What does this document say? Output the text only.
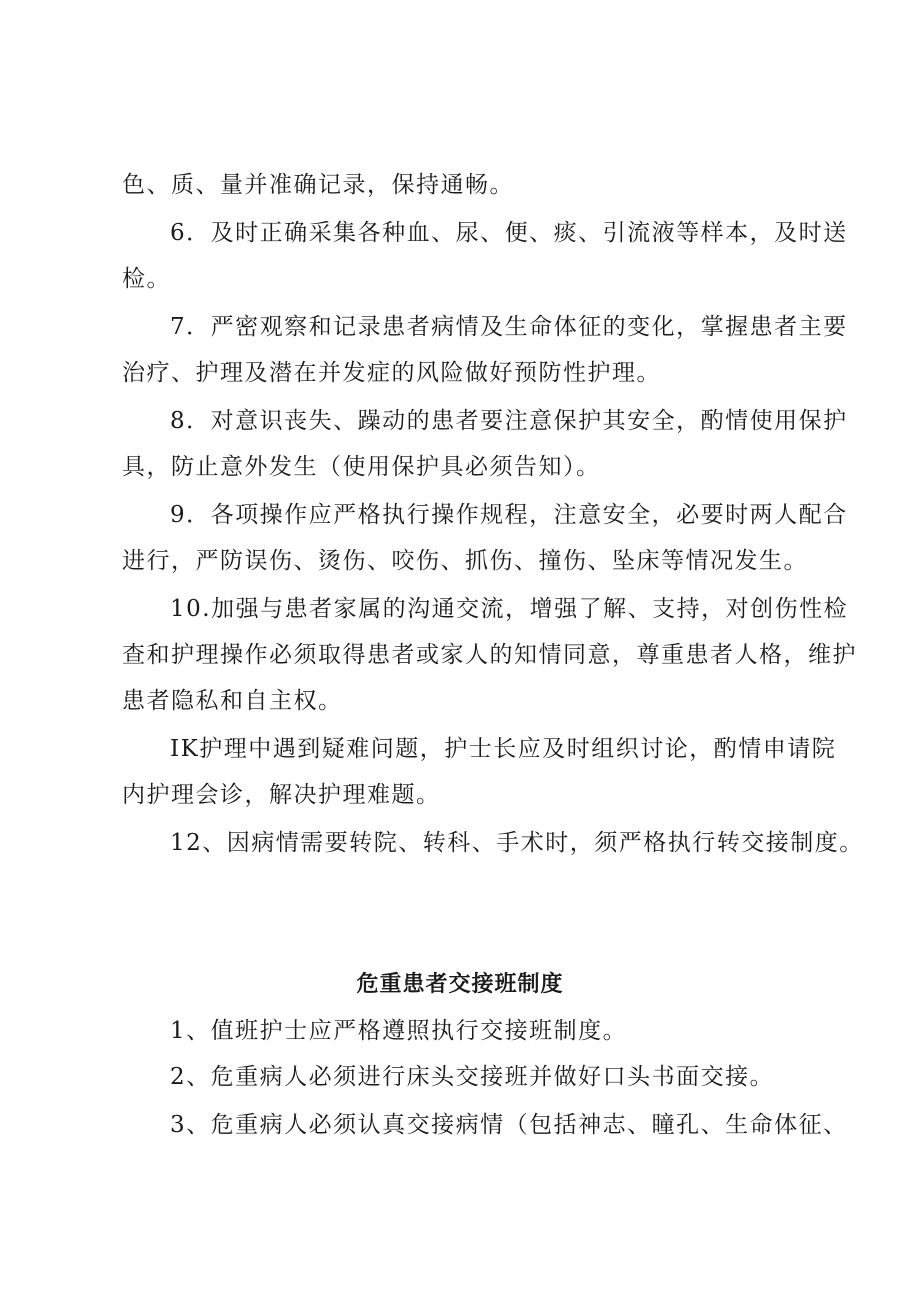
色、质、量并准确记录，保持通畅。
6．及时正确采集各种血、尿、便、痰、引流液等样本，及时送
检。
7．严密观察和记录患者病情及生命体征的变化，掌握患者主要
治疗、护理及潜在并发症的风险做好预防性护理。
8．对意识丧失、躁动的患者要注意保护其安全，酌情使用保护
具，防止意外发生（使用保护具必须告知）。
9．各项操作应严格执行操作规程，注意安全，必要时两人配合
进行，严防误伤、烫伤、咬伤、抓伤、撞伤、坠床等情况发生。
10.加强与患者家属的沟通交流，增强了解、支持，对创伤性检
查和护理操作必须取得患者或家人的知情同意，尊重患者人格，维护
患者隐私和自主权。
IK护理中遇到疑难问题，护士长应及时组织讨论，酌情申请院
内护理会诊，解决护理难题。
12、因病情需要转院、转科、手术时，须严格执行转交接制度。
危重患者交接班制度
1、值班护士应严格遵照执行交接班制度。
2、危重病人必须进行床头交接班并做好口头书面交接。
3、危重病人必须认真交接病情（包括神志、瞳孔、生命体征、
